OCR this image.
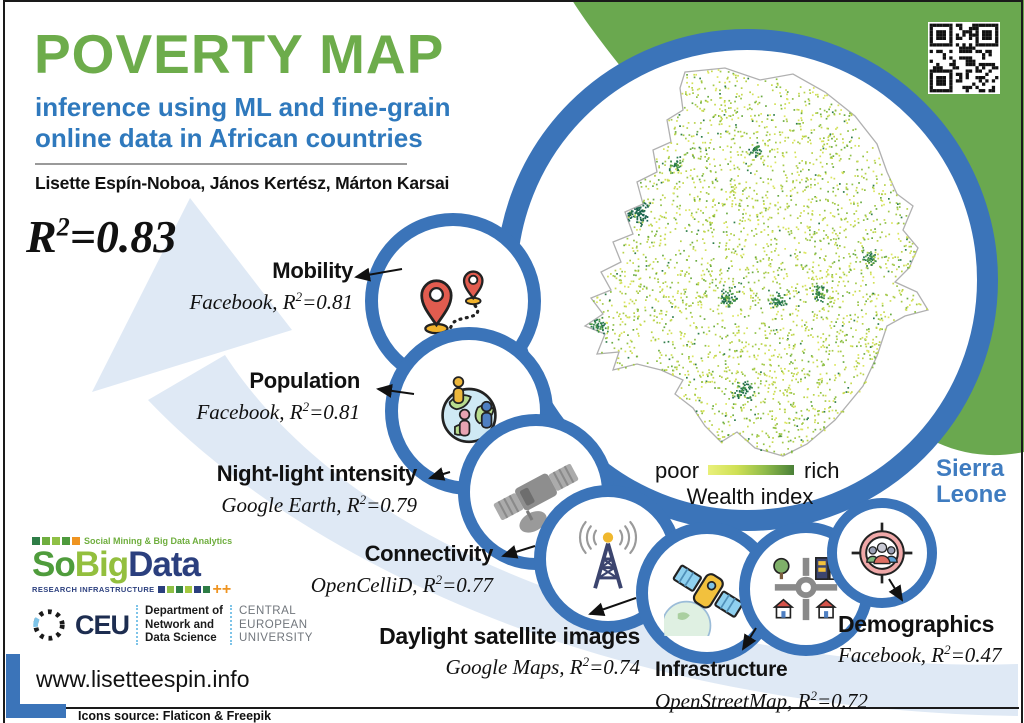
POVERTY MAP
inference using ML and fine-grain
online data in African countries
Lisette Espín-Noboa, János Kertész, Márton Karsai
$R^2=0.83$
poor	rich
Wealth index
Sierra
Leone
Mobility
Facebook, $R^2=0.81$
Population
Facebook, $R^2=0.81$
Night-light intensity
Google Earth, $R^2=0.79$
Connectivity
OpenCelliD, $R^2=0.77$
Daylight satellite images
Google Maps, $R^2=0.74$ Infrastructure
OpenStreetMap, $R^2=0.72$
Demographics
Facebook, $R^2=0.47$
Social Mining & Big Data Analytics
SoBigData
RESEARCH INFRASTRUCTURE	++
CEU Department of
Network and
Data Science
CENTRAL
EUROPEAN
UNIVERSITY
www.lisetteespin.info
Icons source: Flaticon & Freepik
